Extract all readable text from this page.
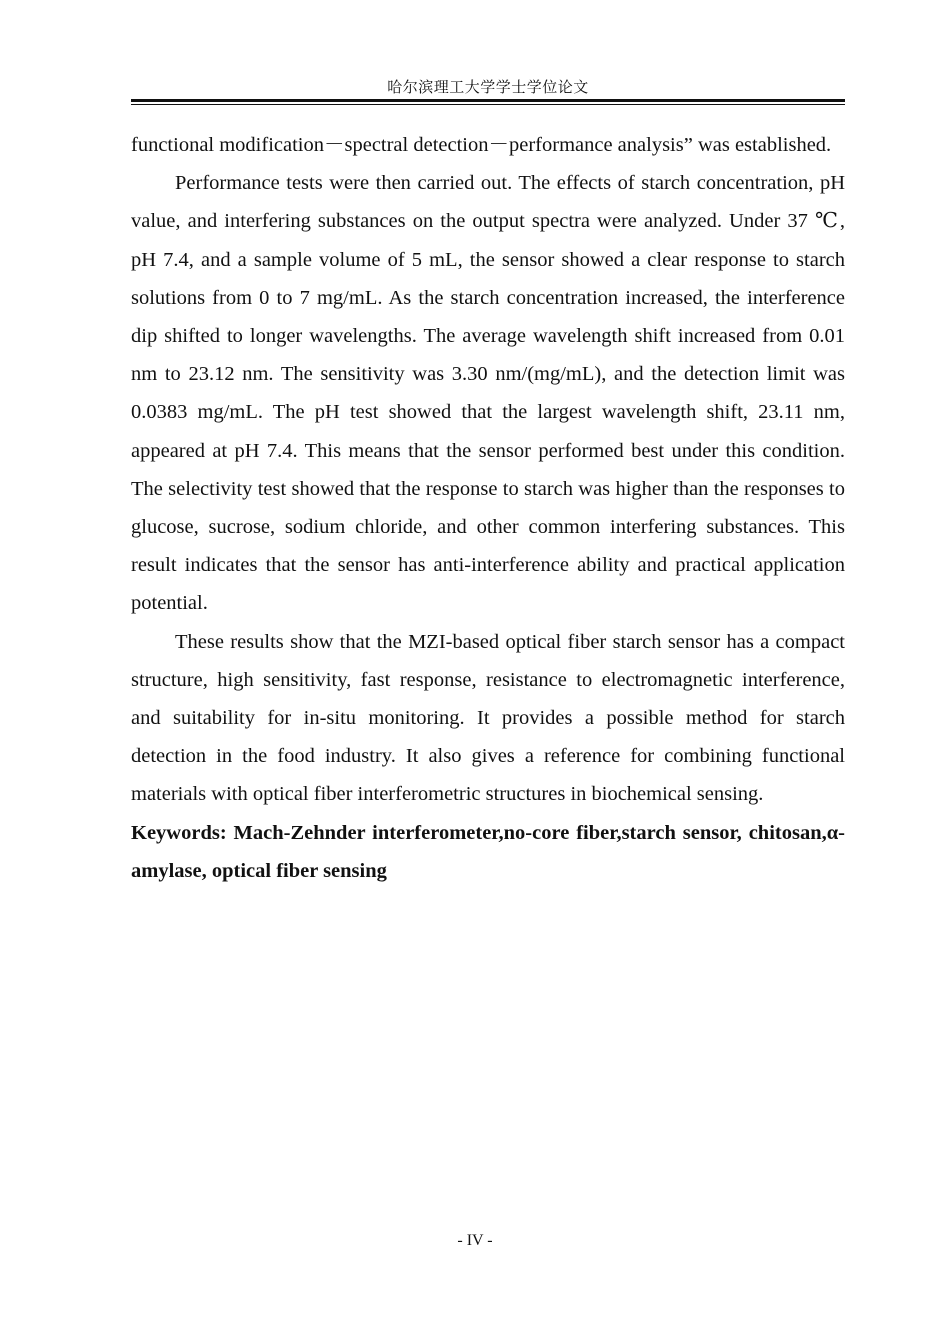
哈尔滨理工大学学士学位论文

functional modification－spectral detection－performance analysis” was established.

Performance tests were then carried out. The effects of starch concentration, pH value, and interfering substances on the output spectra were analyzed. Under 37 ℃, pH 7.4, and a sample volume of 5 mL, the sensor showed a clear response to starch solutions from 0 to 7 mg/mL. As the starch concentration increased, the interference dip shifted to longer wavelengths. The average wavelength shift increased from 0.01 nm to 23.12 nm. The sensitivity was 3.30 nm/(mg/mL), and the detection limit was 0.0383 mg/mL. The pH test showed that the largest wavelength shift, 23.11 nm, appeared at pH 7.4. This means that the sensor performed best under this condition. The selectivity test showed that the response to starch was higher than the responses to glucose, sucrose, sodium chloride, and other common interfering substances. This result indicates that the sensor has anti-interference ability and practical application potential.

These results show that the MZI-based optical fiber starch sensor has a compact structure, high sensitivity, fast response, resistance to electromagnetic interference, and suitability for in-situ monitoring. It provides a possible method for starch detection in the food industry. It also gives a reference for combining functional materials with optical fiber interferometric structures in biochemical sensing.

Keywords: Mach-Zehnder interferometer,no-core fiber,starch sensor, chitosan,α-amylase, optical fiber sensing

- IV -
